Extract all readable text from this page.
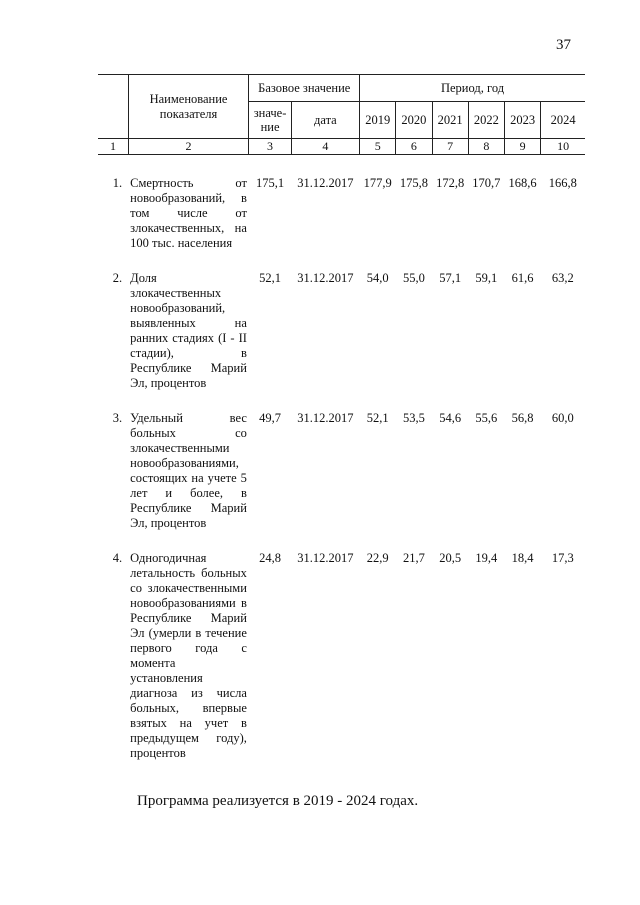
37
	Наименование показателя	Базовое значение		Период, год					
		значе-ние	дата	2019	2020	2021	2022	2023	2024
1	2	3	4	5	6	7	8	9	10
1.	Смертность от новообразований, в том числе от злокачественных, на 100 тыс. населения	175,1	31.12.2017	177,9	175,8	172,8	170,7	168,6	166,8
2.	Доля злокачественных новообразований, выявленных на ранних стадиях (I - II стадии), в Республике Марий Эл, процентов	52,1	31.12.2017	54,0	55,0	57,1	59,1	61,6	63,2
3.	Удельный вес больных со злокачественными новообразованиями, состоящих на учете 5 лет и более, в Республике Марий Эл, процентов	49,7	31.12.2017	52,1	53,5	54,6	55,6	56,8	60,0
4.	Одногодичная летальность больных со злокачественными новообразованиями в Республике Марий Эл (умерли в течение первого года с момента установления диагноза из числа больных, впервые взятых на учет в предыдущем году), процентов	24,8	31.12.2017	22,9	21,7	20,5	19,4	18,4	17,3
Программа реализуется в 2019 - 2024 годах.
